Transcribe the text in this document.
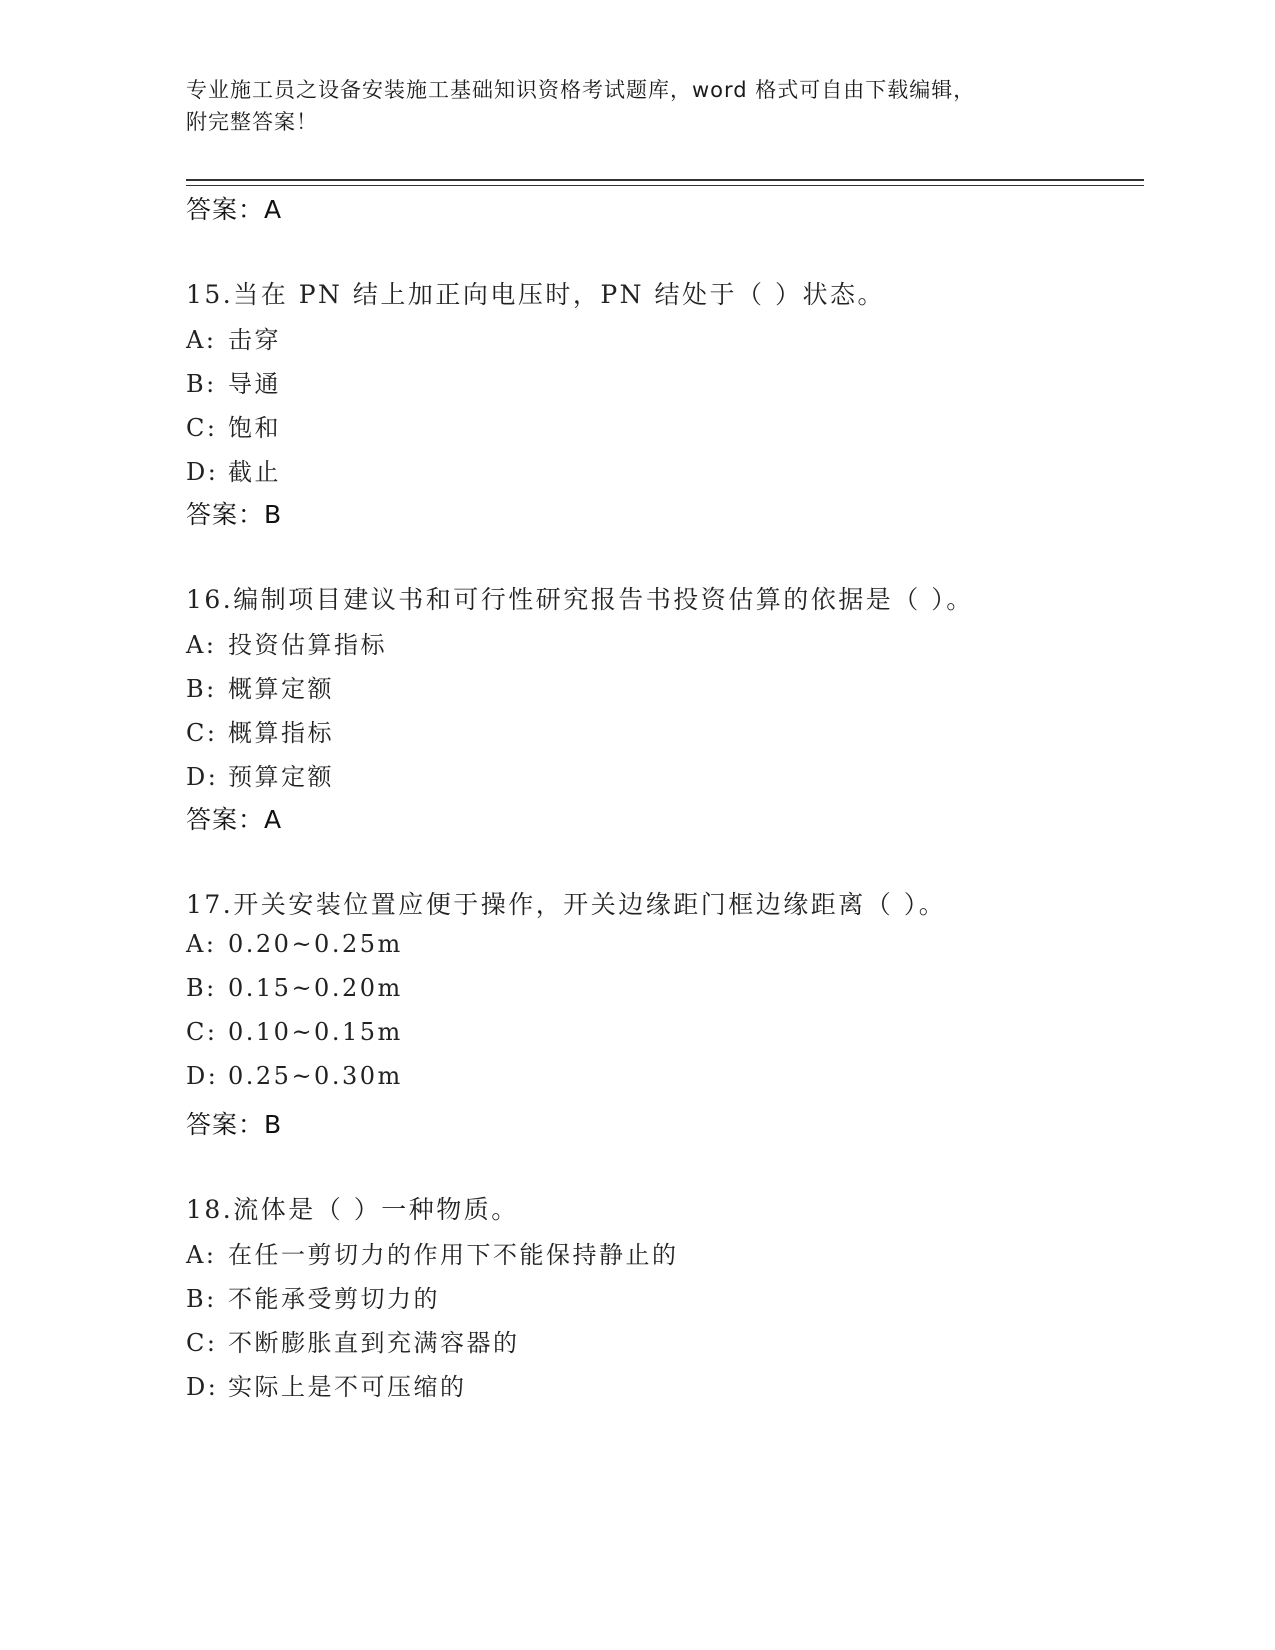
专业施工员之设备安装施工基础知识资格考试题库，word 格式可自由下载编辑，
附完整答案！
答案：A
15.当在 PN 结上加正向电压时，PN 结处于（ ）状态。
A: 击穿
B: 导通
C: 饱和
D: 截止
答案：B
16.编制项目建议书和可行性研究报告书投资估算的依据是（ ）。
A: 投资估算指标
B: 概算定额
C: 概算指标
D: 预算定额
答案：A
17.开关安装位置应便于操作，开关边缘距门框边缘距离（ ）。
A: 0.20~0.25m
B: 0.15~0.20m
C: 0.10~0.15m
D: 0.25~0.30m
答案：B
18.流体是（ ）一种物质。
A: 在任一剪切力的作用下不能保持静止的
B: 不能承受剪切力的
C: 不断膨胀直到充满容器的
D: 实际上是不可压缩的
